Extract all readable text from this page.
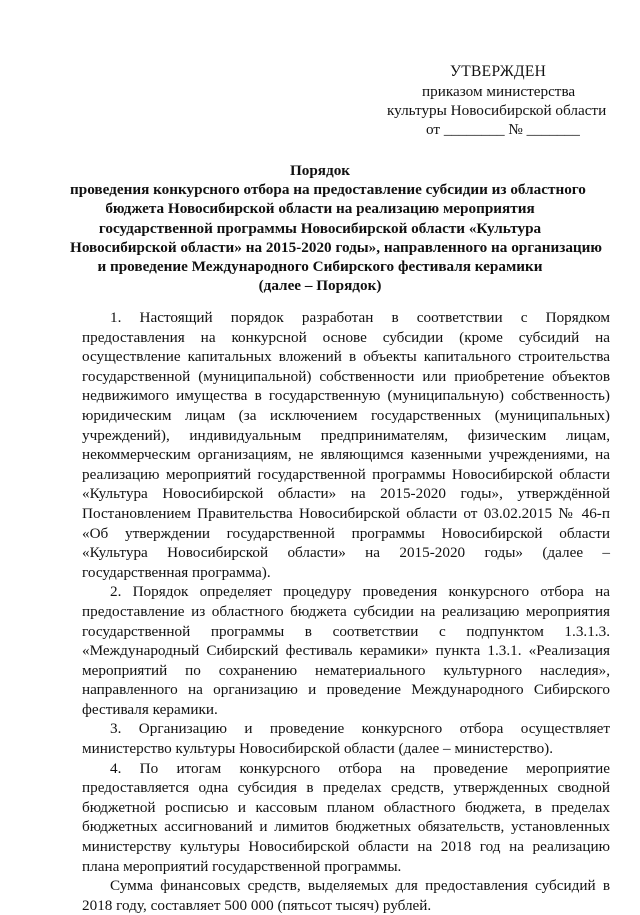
УТВЕРЖДЕН
приказом министерства
культуры Новосибирской области
от ________ № _______
Порядок
проведения конкурсного отбора на предоставление субсидии из областного
бюджета Новосибирской области на реализацию мероприятия
государственной программы Новосибирской области «Культура
Новосибирской области» на 2015-2020 годы», направленного на организацию
и проведение Международного Сибирского фестиваля керамики
(далее – Порядок)

1. Настоящий порядок разработан в соответствии с Порядком предоставления на конкурсной основе субсидии (кроме субсидий на осуществление капитальных вложений в объекты капитального строительства государственной (муниципальной) собственности или приобретение объектов недвижимого имущества в государственную (муниципальную) собственность) юридическим лицам (за исключением государственных (муниципальных) учреждений), индивидуальным предпринимателям, физическим лицам, некоммерческим организациям, не являющимся казенными учреждениями, на реализацию мероприятий государственной программы Новосибирской области «Культура Новосибирской области» на 2015-2020 годы», утверждённой Постановлением Правительства Новосибирской области от 03.02.2015 № 46-п «Об утверждении государственной программы Новосибирской области «Культура Новосибирской области» на 2015-2020 годы» (далее – государственная программа).

2. Порядок определяет процедуру проведения конкурсного отбора на предоставление из областного бюджета субсидии на реализацию мероприятия государственной программы в соответствии с подпунктом 1.3.1.3. «Международный Сибирский фестиваль керамики» пункта 1.3.1. «Реализация мероприятий по сохранению нематериального культурного наследия», направленного на организацию и проведение Международного Сибирского фестиваля керамики.

3. Организацию и проведение конкурсного отбора осуществляет министерство культуры Новосибирской области (далее – министерство).

4. По итогам конкурсного отбора на проведение мероприятие предоставляется одна субсидия в пределах средств, утвержденных сводной бюджетной росписью и кассовым планом областного бюджета, в пределах бюджетных ассигнований и лимитов бюджетных обязательств, установленных министерству культуры Новосибирской области на 2018 год на реализацию плана мероприятий государственной программы.

Сумма финансовых средств, выделяемых для предоставления субсидий в 2018 году, составляет 500 000 (пятьсот тысяч) рублей.
